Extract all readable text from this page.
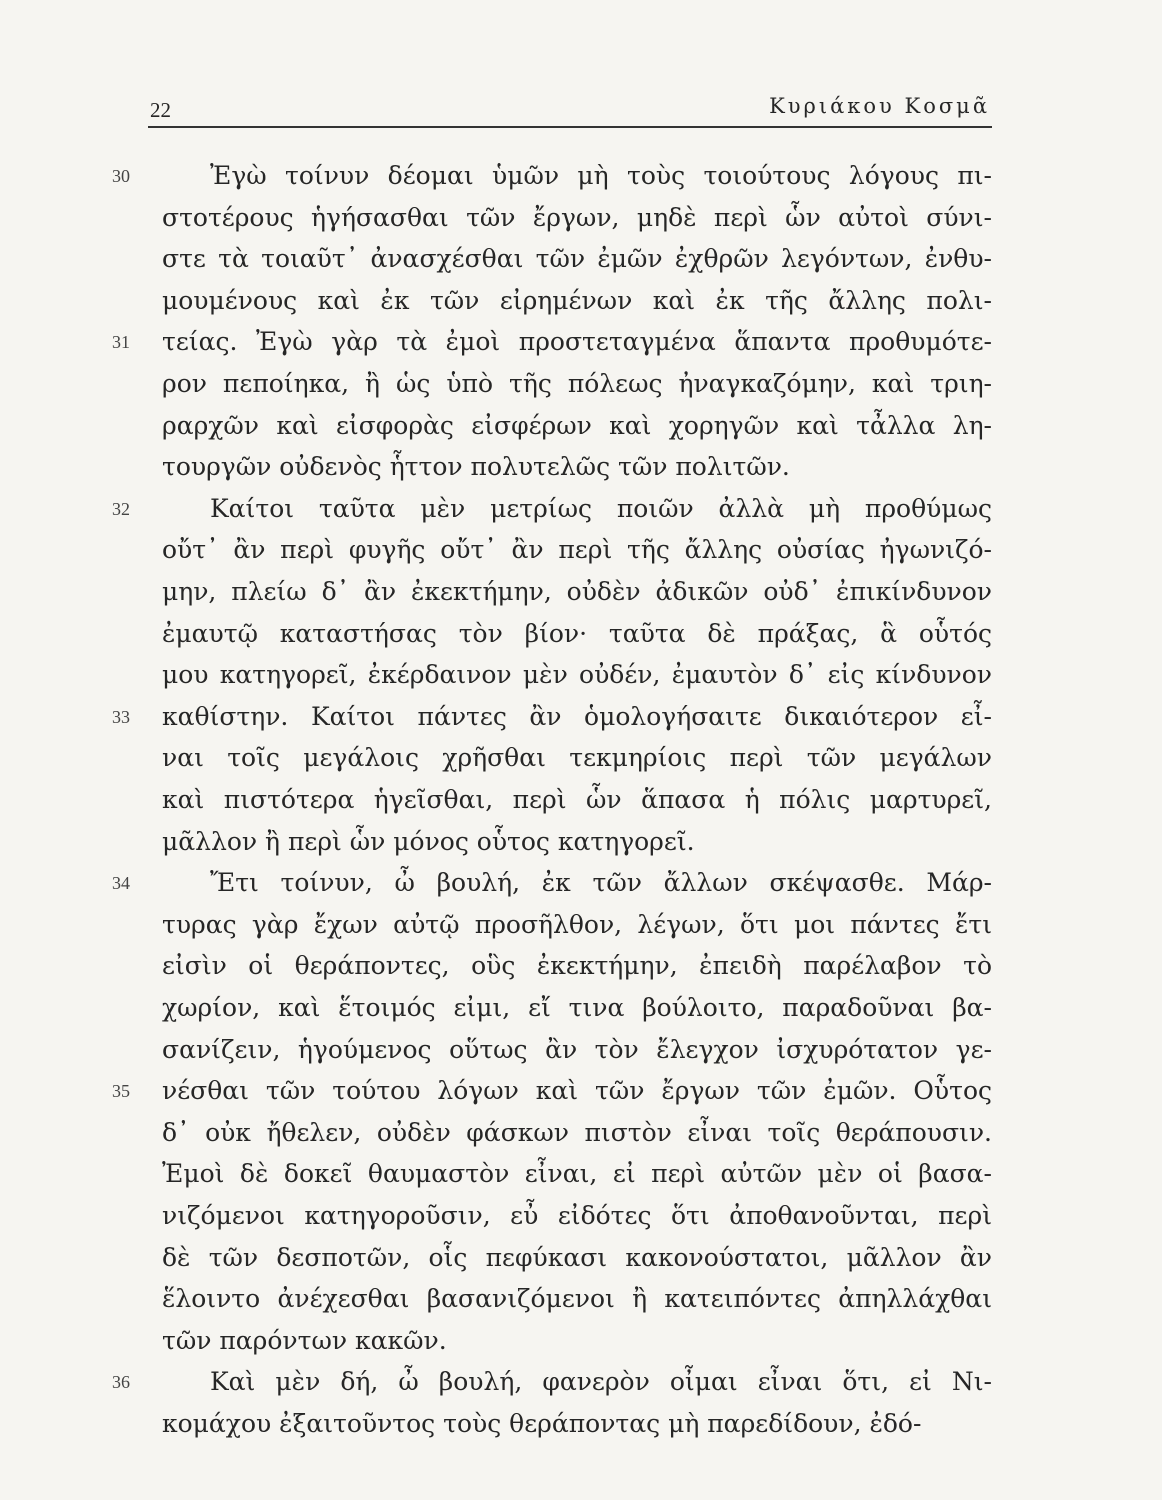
22	Κυριάκου Κοσμᾶ
Ἐγὼ τοίνυν δέομαι ὑμῶν μὴ τοὺς τοιούτους λόγους πι-
30
στοτέρους ἡγήσασθαι τῶν ἔργων, μηδὲ περὶ ὧν αὐτοὶ σύνι-
στε τὰ τοιαῦτ᾿ ἀνασχέσθαι τῶν ἐμῶν ἐχθρῶν λεγόντων, ἐνθυ-
μουμένους καὶ ἐκ τῶν εἰρημένων καὶ ἐκ τῆς ἄλλης πολι-
τείας. Ἐγὼ γὰρ τὰ ἐμοὶ προστεταγμένα ἅπαντα προθυμότε-
31
ρον πεποίηκα, ἢ ὡς ὑπὸ τῆς πόλεως ἠναγκαζόμην, καὶ τριη-
ραρχῶν καὶ εἰσφορὰς εἰσφέρων καὶ χορηγῶν καὶ τἆλλα λη-
τουργῶν οὐδενὸς ἧττον πολυτελῶς τῶν πολιτῶν.
Καίτοι ταῦτα μὲν μετρίως ποιῶν ἀλλὰ μὴ προθύμως
32
οὔτ᾿ ἂν περὶ φυγῆς οὔτ᾿ ἂν περὶ τῆς ἄλλης οὐσίας ἠγωνιζό-
μην, πλείω δ᾿ ἂν ἐκεκτήμην, οὐδὲν ἀδικῶν οὐδ᾿ ἐπικίνδυνον
ἐμαυτῷ καταστήσας τὸν βίον· ταῦτα δὲ πράξας, ἃ οὗτός
μου κατηγορεῖ, ἐκέρδαινον μὲν οὐδέν, ἐμαυτὸν δ᾿ εἰς κίνδυνον
καθίστην. Καίτοι πάντες ἂν ὁμολογήσαιτε δικαιότερον εἶ-
33
ναι τοῖς μεγάλοις χρῆσθαι τεκμηρίοις περὶ τῶν μεγάλων
καὶ πιστότερα ἡγεῖσθαι, περὶ ὧν ἅπασα ἡ πόλις μαρτυρεῖ,
μᾶλλον ἢ περὶ ὧν μόνος οὗτος κατηγορεῖ.
Ἔτι τοίνυν, ὦ βουλή, ἐκ τῶν ἄλλων σκέψασθε. Μάρ-
34
τυρας γὰρ ἔχων αὐτῷ προσῆλθον, λέγων, ὅτι μοι πάντες ἔτι
εἰσὶν οἱ θεράποντες, οὓς ἐκεκτήμην, ἐπειδὴ παρέλαβον τὸ
χωρίον, καὶ ἕτοιμός εἰμι, εἴ τινα βούλοιτο, παραδοῦναι βα-
σανίζειν, ἡγούμενος οὕτως ἂν τὸν ἔλεγχον ἰσχυρότατον γε-
νέσθαι τῶν τούτου λόγων καὶ τῶν ἔργων τῶν ἐμῶν. Οὗτος
35
δ᾿ οὐκ ἤθελεν, οὐδὲν φάσκων πιστὸν εἶναι τοῖς θεράπουσιν.
Ἐμοὶ δὲ δοκεῖ θαυμαστὸν εἶναι, εἰ περὶ αὐτῶν μὲν οἱ βασα-
νιζόμενοι κατηγοροῦσιν, εὖ εἰδότες ὅτι ἀποθανοῦνται, περὶ
δὲ τῶν δεσποτῶν, οἷς πεφύκασι κακονούστατοι, μᾶλλον ἂν
ἕλοιντο ἀνέχεσθαι βασανιζόμενοι ἢ κατειπόντες ἀπηλλάχθαι
τῶν παρόντων κακῶν.
Καὶ μὲν δή, ὦ βουλή, φανερὸν οἶμαι εἶναι ὅτι, εἰ Νι-
36
κομάχου ἐξαιτοῦντος τοὺς θεράποντας μὴ παρεδίδουν, ἐδό-
